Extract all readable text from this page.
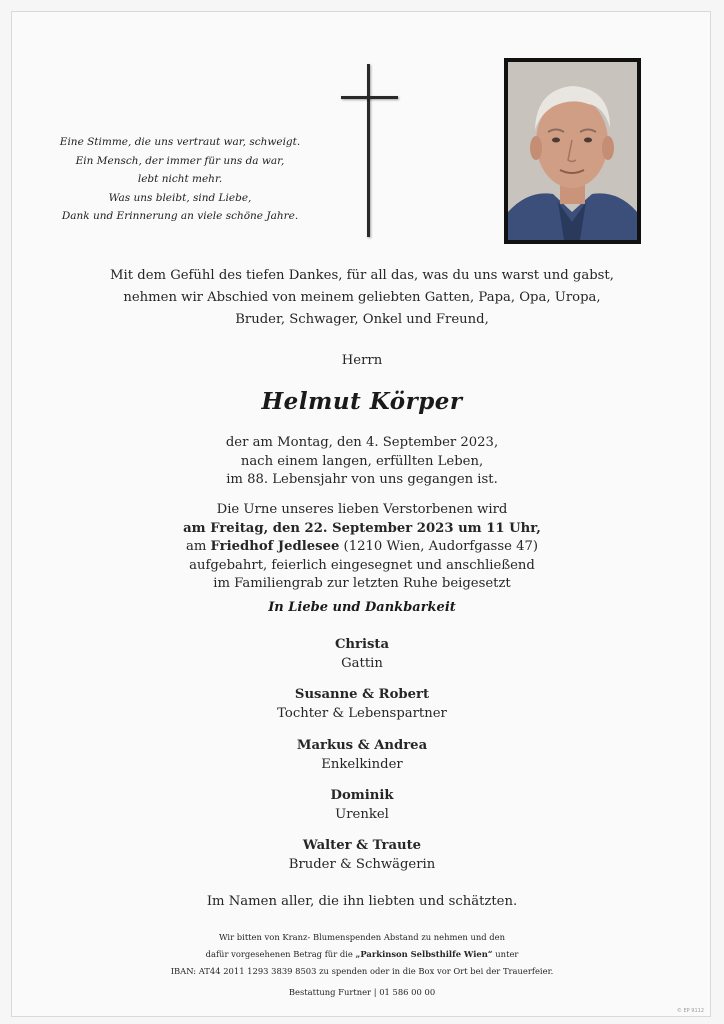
Eine Stimme, die uns vertraut war, schweigt.
Ein Mensch, der immer für uns da war,
lebt nicht mehr.
Was uns bleibt, sind Liebe,
Dank und Erinnerung an viele schöne Jahre.
Mit dem Gefühl des tiefen Dankes, für all das, was du uns warst und gabst,
nehmen wir Abschied von meinem geliebten Gatten, Papa, Opa, Uropa,
Bruder, Schwager, Onkel und Freund,
Herrn
Helmut Körper
der am Montag, den 4. September 2023,
nach einem langen, erfüllten Leben,
im 88. Lebensjahr von uns gegangen ist.
Die Urne unseres lieben Verstorbenen wird
am Freitag, den 22. September 2023 um 11 Uhr,
am Friedhof Jedlesee (1210 Wien, Audorfgasse 47)
aufgebahrt, feierlich eingesegnet und anschließend
im Familiengrab zur letzten Ruhe beigesetzt
In Liebe und Dankbarkeit
Christa
Gattin
Susanne & Robert
Tochter & Lebenspartner
Markus & Andrea
Enkelkinder
Dominik
Urenkel
Walter & Traute
Bruder & Schwägerin
Im Namen aller, die ihn liebten und schätzten.
Wir bitten von Kranz- Blumenspenden Abstand zu nehmen und den
dafür vorgesehenen Betrag für die „Parkinson Selbsthilfe Wien“ unter
IBAN: AT44 2011 1293 3839 8503 zu spenden oder in die Box vor Ort bei der Trauerfeier.
Bestattung Furtner | 01 586 00 00
© EP 9112
